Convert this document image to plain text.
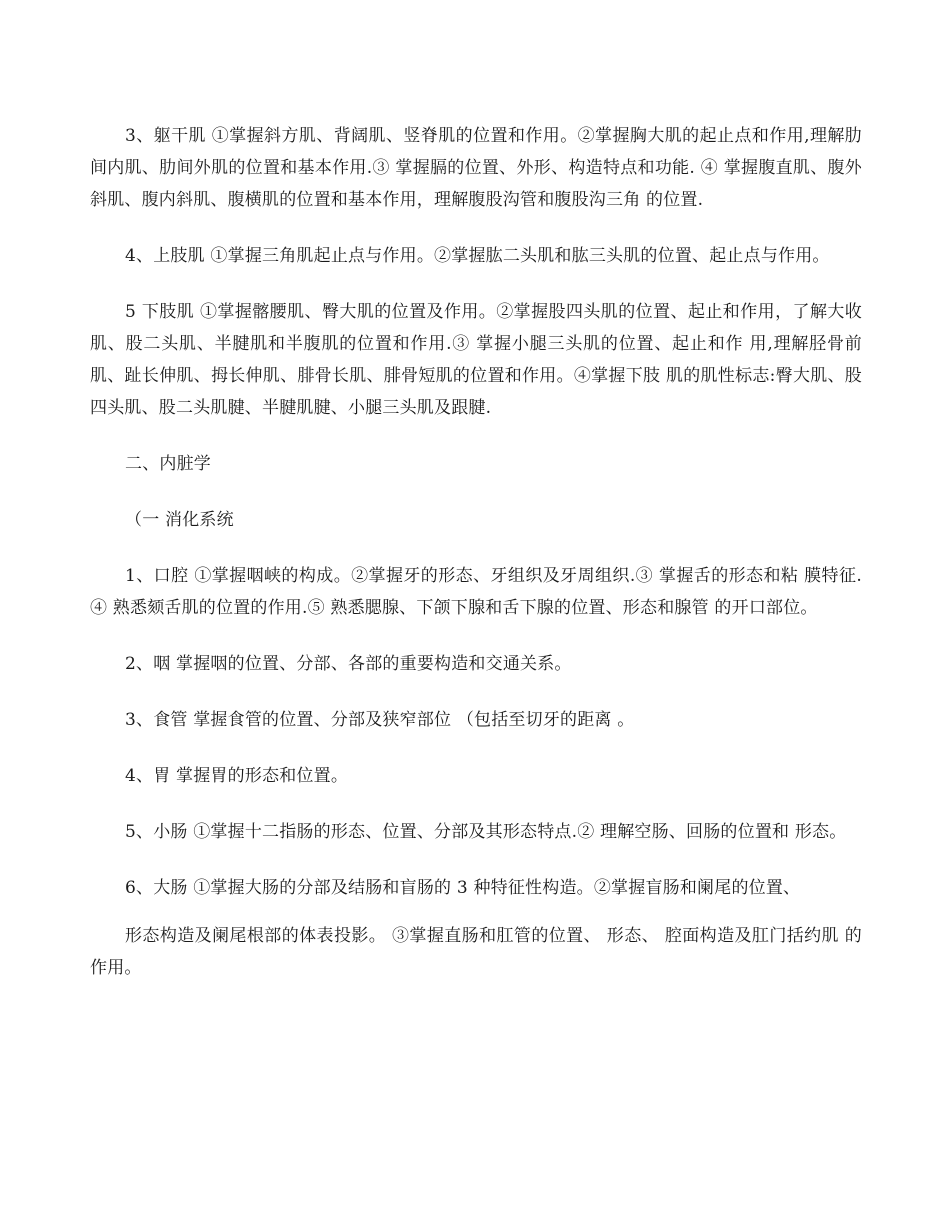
3、躯干肌 ①掌握斜方肌、背阔肌、竖脊肌的位置和作用。②掌握胸大肌的起止点和作用,理解肋间内肌、肋间外肌的位置和基本作用.③ 掌握膈的位置、外形、构造特点和功能. ④ 掌握腹直肌、腹外斜肌、腹内斜肌、腹横肌的位置和基本作用，理解腹股沟管和腹股沟三角 的位置.

4、上肢肌 ①掌握三角肌起止点与作用。②掌握肱二头肌和肱三头肌的位置、起止点与作用。

5 下肢肌 ①掌握髂腰肌、臀大肌的位置及作用。②掌握股四头肌的位置、起止和作用，了解大收肌、股二头肌、半腱肌和半腹肌的位置和作用.③ 掌握小腿三头肌的位置、起止和作 用,理解胫骨前肌、趾长伸肌、拇长伸肌、腓骨长肌、腓骨短肌的位置和作用。④掌握下肢 肌的肌性标志:臀大肌、股四头肌、股二头肌腱、半腱肌腱、小腿三头肌及跟腱.

二、内脏学

（一 消化系统

1、口腔 ①掌握咽峡的构成。②掌握牙的形态、牙组织及牙周组织.③ 掌握舌的形态和粘 膜特征.④ 熟悉颏舌肌的位置的作用.⑤ 熟悉腮腺、下颌下腺和舌下腺的位置、形态和腺管 的开口部位。

2、咽 掌握咽的位置、分部、各部的重要构造和交通关系。

3、食管 掌握食管的位置、分部及狭窄部位 （包括至切牙的距离 。

4、胃 掌握胃的形态和位置。

5、小肠 ①掌握十二指肠的形态、位置、分部及其形态特点.② 理解空肠、回肠的位置和 形态。

6、大肠 ①掌握大肠的分部及结肠和盲肠的 3 种特征性构造。②掌握盲肠和阑尾的位置、

形态构造及阑尾根部的体表投影。 ③掌握直肠和肛管的位置、 形态、 腔面构造及肛门括约肌 的作用。
